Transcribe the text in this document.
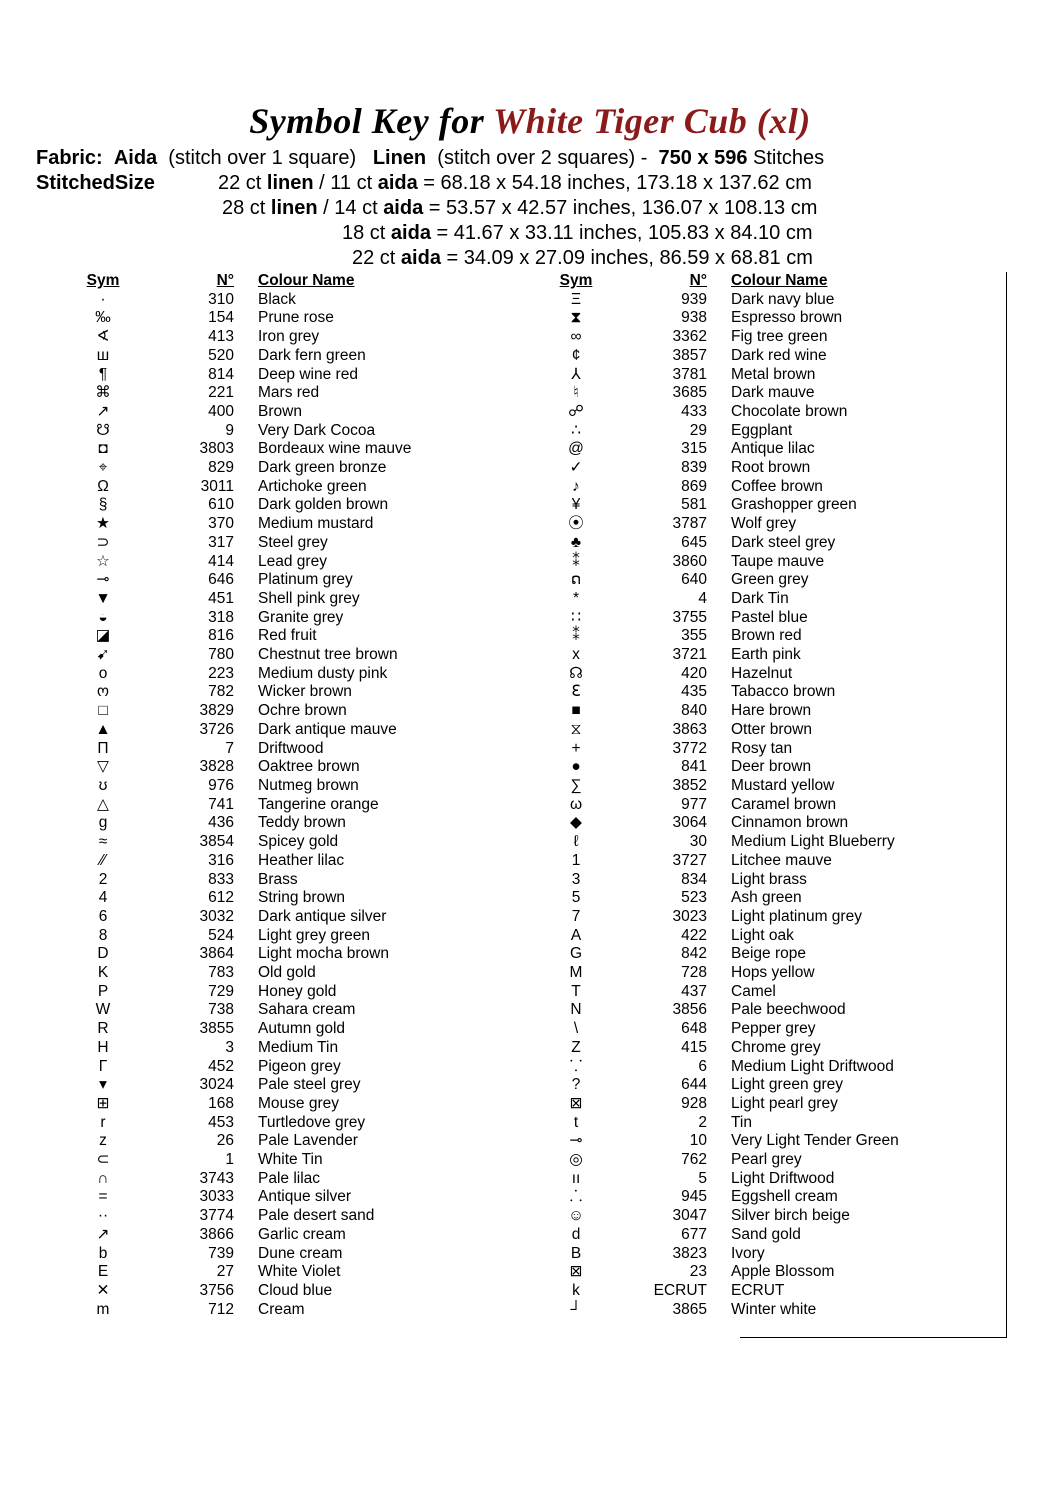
Symbol Key for White Tiger Cub (xl)
Fabric: Aida (stitch over 1 square) Linen (stitch over 2 squares) - 750 x 596 Stitches
StitchedSize	22 ct linen / 11 ct aida = 68.18 x 54.18 inches, 173.18 x 137.62 cm
28 ct linen / 14 ct aida = 53.57 x 42.57 inches, 136.07 x 108.13 cm
18 ct aida = 41.67 x 33.11 inches, 105.83 x 84.10 cm
22 ct aida = 34.09 x 27.09 inches, 86.59 x 68.81 cm
Sym	N°	Colour Name
·	310	Black
‰	154	Prune rose
∢	413	Iron grey
ш	520	Dark fern green
¶	814	Deep wine red
⌘	221	Mars red
↗	400	Brown
☋	9	Very Dark Cocoa
◘	3803	Bordeaux wine mauve
⌖	829	Dark green bronze
Ω	3011	Artichoke green
§	610	Dark golden brown
★	370	Medium mustard
⊃	317	Steel grey
☆	414	Lead grey
⊸	646	Platinum grey
▼	451	Shell pink grey
◒	318	Granite grey
◪	816	Red fruit
➹	780	Chestnut tree brown
o	223	Medium dusty pink
ო	782	Wicker brown
□	3829	Ochre brown
▲	3726	Dark antique mauve
Π	7	Driftwood
▽	3828	Oaktree brown
ʊ	976	Nutmeg brown
△	741	Tangerine orange
g	436	Teddy brown
≈	3854	Spicey gold
⁄⁄	316	Heather lilac
2	833	Brass
4	612	String brown
6	3032	Dark antique silver
8	524	Light grey green
D	3864	Light mocha brown
K	783	Old gold
P	729	Honey gold
W	738	Sahara cream
R	3855	Autumn gold
H	3	Medium Tin
Γ	452	Pigeon grey
▾	3024	Pale steel grey
⊞	168	Mouse grey
r	453	Turtledove grey
z	26	Pale Lavender
⊂	1	White Tin
∩	3743	Pale lilac
=	3033	Antique silver
··	3774	Pale desert sand
↗	3866	Garlic cream
b	739	Dune cream
E	27	White Violet
✕	3756	Cloud blue
m	712	Cream
Sym	N°	Colour Name
Ξ	939	Dark navy blue
⧗	938	Espresso brown
∞	3362	Fig tree green
¢	3857	Dark red wine
⅄	3781	Metal brown
♮	3685	Dark mauve
☍	433	Chocolate brown
∴	29	Eggplant
@	315	Antique lilac
✓	839	Root brown
♪	869	Coffee brown
¥	581	Grashopper green
⦿	3787	Wolf grey
♣	645	Dark steel grey
⁑	3860	Taupe mauve
ດ	640	Green grey
*	4	Dark Tin
∷	3755	Pastel blue
⁑	355	Brown red
x	3721	Earth pink
☊	420	Hazelnut
ℇ	435	Tabacco brown
■	840	Hare brown
⧖	3863	Otter brown
+	3772	Rosy tan
●	841	Deer brown
∑	3852	Mustard yellow
ω	977	Caramel brown
◆	3064	Cinnamon brown
ℓ	30	Medium Light Blueberry
1	3727	Litchee mauve
3	834	Light brass
5	523	Ash green
7	3023	Light platinum grey
A	422	Light oak
G	842	Beige rope
M	728	Hops yellow
T	437	Camel
N	3856	Pale beechwood
\	648	Pepper grey
Z	415	Chrome grey
⸪	6	Medium Light Driftwood
?	644	Light green grey
⊠	928	Light pearl grey
t	2	Tin
⊸	10	Very Light Tender Green
◎	762	Pearl grey
ıı	5	Light Driftwood
⸫	945	Eggshell cream
☺	3047	Silver birch beige
d	677	Sand gold
B	3823	Ivory
⊠	23	Apple Blossom
k	ECRUT	ECRUT
┘	3865	Winter white
